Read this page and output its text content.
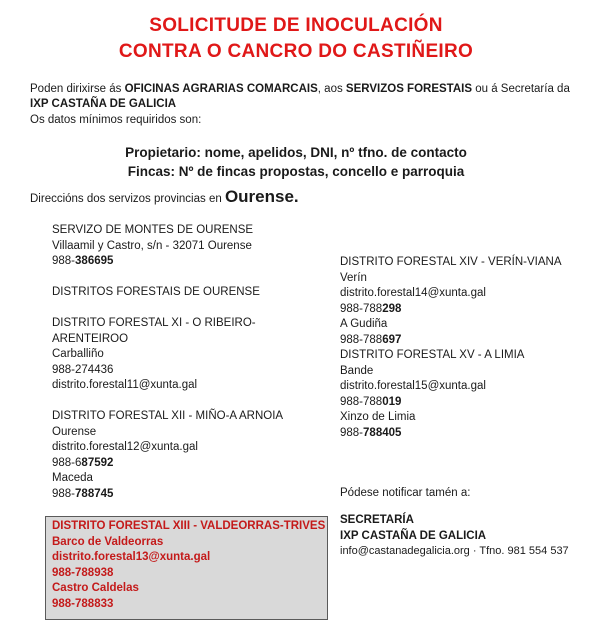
SOLICITUDE DE INOCULACIÓN
CONTRA O CANCRO DO CASTIÑEIRO
Poden dirixirse ás OFICINAS AGRARIAS COMARCAIS, aos SERVIZOS FORESTAIS ou á Secretaría da IXP CASTAÑA DE GALICIA
Os datos mínimos requiridos son:
Propietario: nome, apelidos, DNI, nº tfno. de contacto
Fincas: Nº de fincas propostas, concello e parroquia
Direccións dos servizos provincias en Ourense.
SERVIZO DE MONTES DE OURENSE
Villaamil y Castro, s/n - 32071 Ourense
988-386695
DISTRITOS FORESTAIS DE OURENSE
DISTRITO FORESTAL XI - O RIBEIRO-
ARENTEIROO
Carballiño
988-274436
distrito.forestal11@xunta.gal
DISTRITO FORESTAL XII - MIÑO-A ARNOIA
Ourense
distrito.forestal12@xunta.gal
988-687592
Maceda
988-788745
DISTRITO FORESTAL XIII - VALDEORRAS-TRIVES
Barco de Valdeorras
distrito.forestal13@xunta.gal
988-788938
Castro Caldelas
988-788833
DISTRITO FORESTAL XIV - VERÍN-VIANA
Verín
distrito.forestal14@xunta.gal
988-788298
A Gudiña
988-788697
DISTRITO FORESTAL XV - A LIMIA
Bande
distrito.forestal15@xunta.gal
988-788019
Xinzo de Limia
988-788405
Pódese notificar tamén a:
SECRETARÍA
IXP CASTAÑA DE GALICIA
info@castanadegalicia.org · Tfno. 981 554 537
